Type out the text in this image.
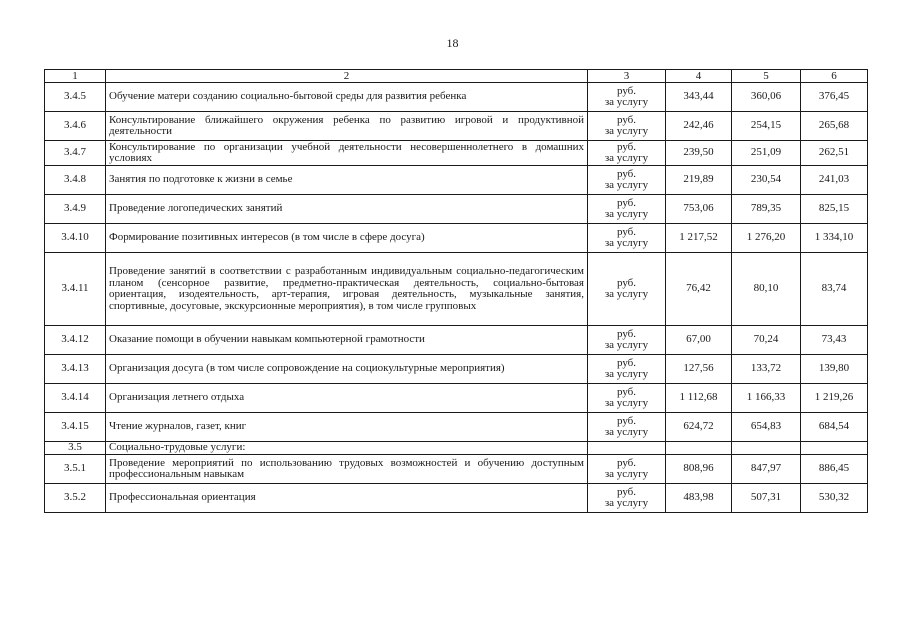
18
1	2	3	4	5	6
3.4.5	Обучение матери созданию социально-бытовой среды для развития ребенка	руб.
за услугу	343,44	360,06	376,45
3.4.6	Консультирование ближайшего окружения ребенка по развитию игровой и продуктивной деятельности	руб.
за услугу	242,46	254,15	265,68
3.4.7	Консультирование по организации учебной деятельности несовершеннолетнего в домашних условиях	руб.
за услугу	239,50	251,09	262,51
3.4.8	Занятия по подготовке к жизни в семье	руб.
за услугу	219,89	230,54	241,03
3.4.9	Проведение логопедических занятий	руб.
за услугу	753,06	789,35	825,15
3.4.10	Формирование позитивных интересов (в том числе в сфере досуга)	руб.
за услугу	1 217,52	1 276,20	1 334,10
3.4.11	Проведение занятий в соответствии с разработанным индивидуальным социально-педагогическим планом (сенсорное развитие, предметно-практическая деятельность, социально-бытовая ориентация, изодеятельность, арт-терапия, игровая деятельность, музыкальные занятия, спортивные, досуговые, экскурсионные мероприятия), в том числе групповых	руб.
за услугу	76,42	80,10	83,74
3.4.12	Оказание помощи в обучении навыкам компьютерной грамотности	руб.
за услугу	67,00	70,24	73,43
3.4.13	Организация досуга (в том числе сопровождение на социокультурные мероприятия)	руб.
за услугу	127,56	133,72	139,80
3.4.14	Организация летнего отдыха	руб.
за услугу	1 112,68	1 166,33	1 219,26
3.4.15	Чтение журналов, газет, книг	руб.
за услугу	624,72	654,83	684,54
3.5	Социально-трудовые услуги:				
3.5.1	Проведение мероприятий по использованию трудовых возможностей и обучению доступным профессиональным навыкам	руб.
за услугу	808,96	847,97	886,45
3.5.2	Профессиональная ориентация	руб.
за услугу	483,98	507,31	530,32
